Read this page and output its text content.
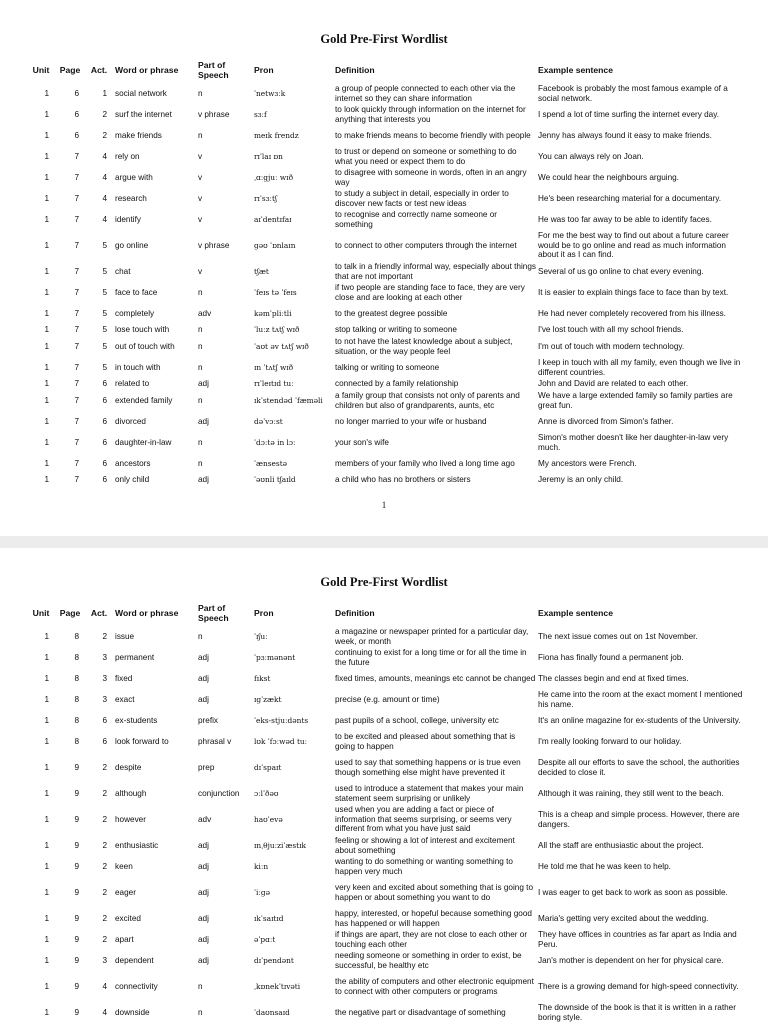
Gold Pre-First Wordlist
Unit	Page	Act.	Word or phrase	Part of Speech	Pron	Definition	Example sentence
1	6	1	social network	n	ˈnetwɜːk	a group of people connected to each other via the internet so they can share information	Facebook is probably the most famous example of a social network.
1	6	2	surf the internet	v phrase	sɜːf	to look quickly through information on the internet for anything that interests you	I spend a lot of time surfing the internet every day.
1	6	2	make friends	n	meɪk frendz	to make friends means to become friendly with people	Jenny has always found it easy to make friends.
1	7	4	rely on	v	rɪˈlaɪ ɒn	to trust or depend on someone or something to do what you need or expect them to do	You can always rely on Joan.
1	7	4	argue with	v	ˌɑːgjuː wɪð	to disagree with someone in words, often in an angry way	We could hear the neighbours arguing.
1	7	4	research	v	rɪˈsɜːtʃ	to study a subject in detail, especially in order to discover new facts or test new ideas	He's been researching material for a documentary.
1	7	4	identify	v	aɪˈdentɪfaɪ	to recognise and correctly name someone or something	He was too far away to be able to identify faces.
1	7	5	go online	v phrase	gəʊ ˈɒnlaɪn	to connect to other computers through the internet	For me the best way to find out about a future career would be to go online and read as much information about it as I can find.
1	7	5	chat	v	tʃæt	to talk in a friendly informal way, especially about things that are not important	Several of us go online to chat every evening.
1	7	5	face to face	n	ˈfeɪs tə ˈfeɪs	if two people are standing face to face, they are very close and are looking at each other	It is easier to explain things face to face than by text.
1	7	5	completely	adv	kəmˈpliːtli	to the greatest degree possible	He had never completely recovered from his illness.
1	7	5	lose touch with	n	ˈluːz tʌtʃ wɪð	stop talking or writing to someone	I've lost touch with all my school friends.
1	7	5	out of touch with	n	ˈaʊt əv tʌtʃ wɪð	to not have the latest knowledge about a subject, situation, or the way people feel	I'm out of touch with modern technology.
1	7	5	in touch with	n	ɪn ˈtʌtʃ wɪð	talking or writing to someone	I keep in touch with all my family, even though we live in different countries.
1	7	6	related to	adj	rɪˈleɪtɪd tuː	connected by a family relationship	John and David are related to each other.
1	7	6	extended family	n	ɪkˈstendəd ˈfæməli	a family group that consists not only of parents and children but also of grandparents, aunts, etc	We have a large extended family so family parties are great fun.
1	7	6	divorced	adj	dəˈvɔːst	no longer married to your wife or husband	Anne is divorced from Simon's father.
1	7	6	daughter-in-law	n	ˈdɔːtə in lɔː	your son's wife	Simon's mother doesn't like her daughter-in-law very much.
1	7	6	ancestors	n	ˈænsestə	members of your family who lived a long time ago	My ancestors were French.
1	7	6	only child	adj	ˈəʊnli tʃaɪld	a child who has no brothers or sisters	Jeremy is an only child.
1
Gold Pre-First Wordlist
Unit	Page	Act.	Word or phrase	Part of Speech	Pron	Definition	Example sentence
1	8	2	issue	n	ˈɪʃuː	a magazine or newspaper printed for a particular day, week, or month	The next issue comes out on 1st November.
1	8	3	permanent	adj	ˈpɜːmənənt	continuing to exist for a long time or for all the time in the future	Fiona has finally found a permanent job.
1	8	3	fixed	adj	fɪkst	fixed times, amounts, meanings etc cannot be changed	The classes begin and end at fixed times.
1	8	3	exact	adj	ɪgˈzækt	precise (e.g. amount or time)	He came into the room at the exact moment I mentioned his name.
1	8	6	ex-students	prefix	ˈeks-stjuːdənts	past pupils of a school, college, university etc	It's an online magazine for ex-students of the University.
1	8	6	look forward to	phrasal v	lʊk ˈfɔːwəd tuː	to be excited and pleased about something that is going to happen	I'm really looking forward to our holiday.
1	9	2	despite	prep	dɪˈspaɪt	used to say that something happens or is true even though something else might have prevented it	Despite all our efforts to save the school, the authorities decided to close it.
1	9	2	although	conjunction	ɔːlˈðəʊ	used to introduce a statement that makes your main statement seem surprising or unlikely	Although it was raining, they still went to the beach.
1	9	2	however	adv	haʊˈevə	used when you are adding a fact or piece of information that seems surprising, or seems very different from what you have just said	This is a cheap and simple process. However, there are dangers.
1	9	2	enthusiastic	adj	ɪnˌθjuːziˈæstɪk	feeling or showing a lot of interest and excitement about something	All the staff are enthusiastic about the project.
1	9	2	keen	adj	kiːn	wanting to do something or wanting something to happen very much	He told me that he was keen to help.
1	9	2	eager	adj	ˈiːgə	very keen and excited about something that is going to happen or about something you want to do	I was eager to get back to work as soon as possible.
1	9	2	excited	adj	ɪkˈsaɪtɪd	happy, interested, or hopeful because something good has happened or will happen	Maria's getting very excited about the wedding.
1	9	2	apart	adj	əˈpɑːt	if things are apart, they are not close to each other or touching each other	They have offices in countries as far apart as India and Peru.
1	9	3	dependent	adj	dɪˈpendənt	needing someone or something in order to exist, be successful, be healthy etc	Jan's mother is dependent on her for physical care.
1	9	4	connectivity	n	ˌkɒnekˈtɪvəti	the ability of computers and other electronic equipment to connect with other computers or programs	There is a growing demand for high-speed connectivity.
1	9	4	downside	n	ˈdaʊnsaɪd	the negative part or disadvantage of something	The downside of the book is that it is written in a rather boring style.
